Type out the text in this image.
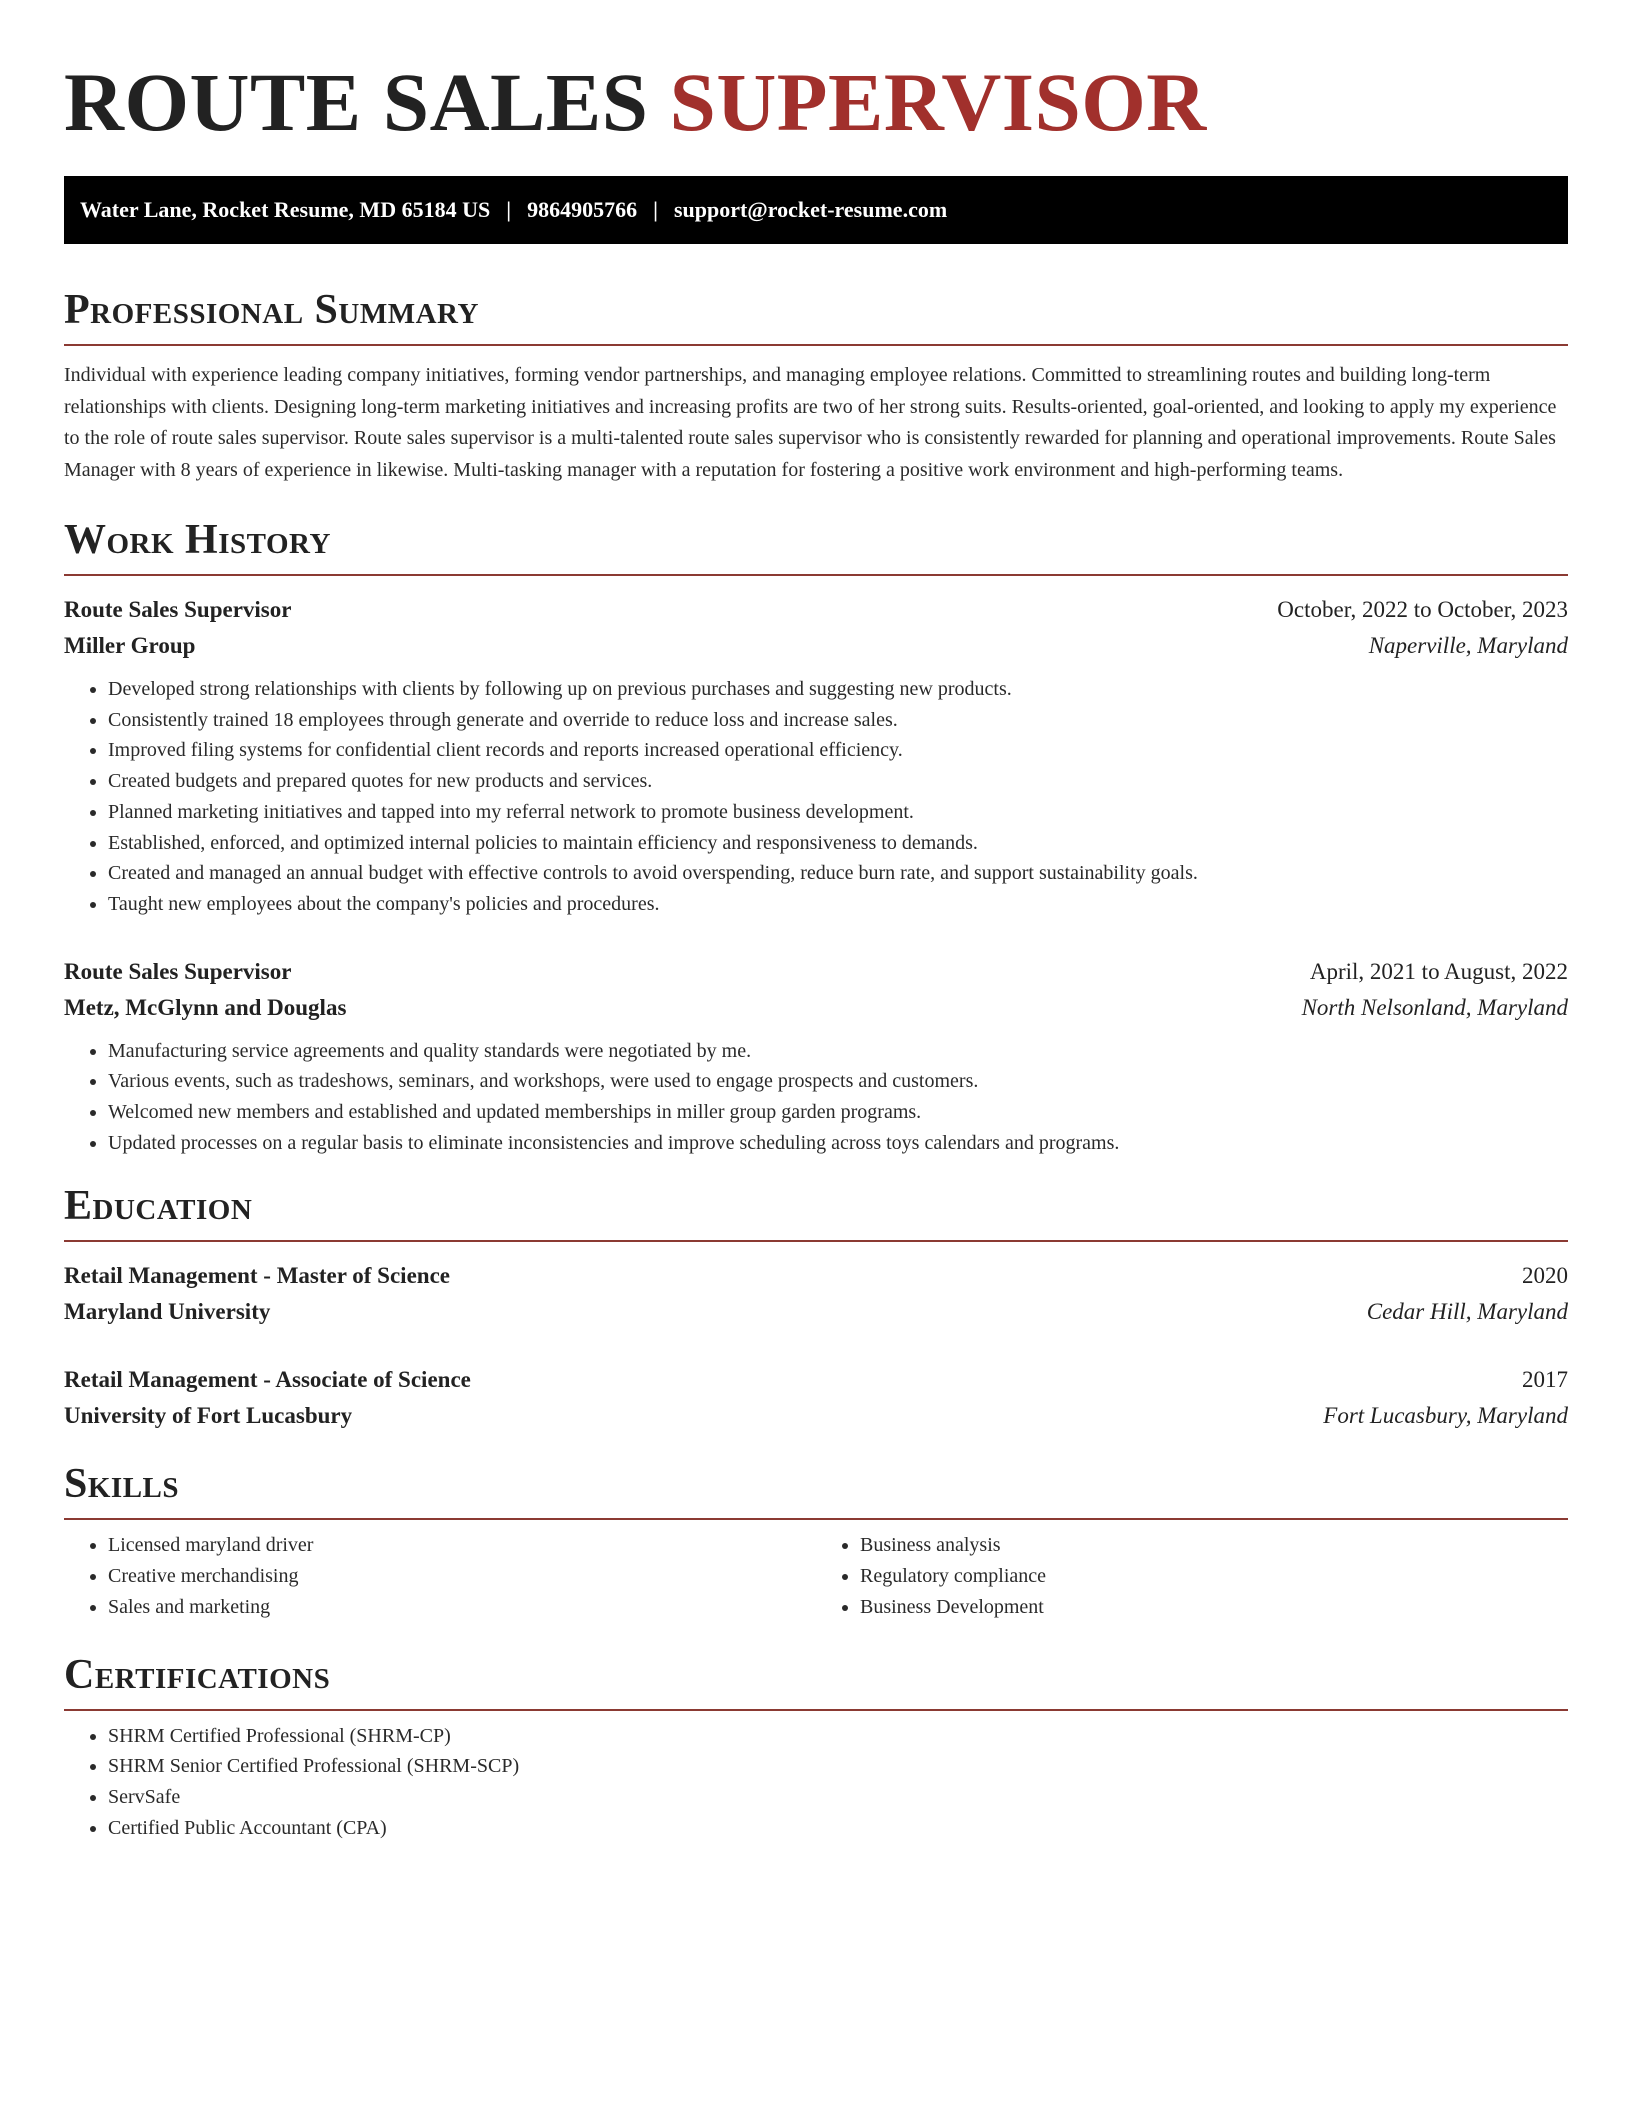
ROUTE SALES SUPERVISOR
Water Lane, Rocket Resume, MD 65184 US | 9864905766 | support@rocket-resume.com
Professional Summary

Individual with experience leading company initiatives, forming vendor partnerships, and managing employee relations. Committed to streamlining routes and building long-term relationships with clients. Designing long-term marketing initiatives and increasing profits are two of her strong suits. Results-oriented, goal-oriented, and looking to apply my experience to the role of route sales supervisor. Route sales supervisor is a multi-talented route sales supervisor who is consistently rewarded for planning and operational improvements. Route Sales Manager with 8 years of experience in likewise. Multi-tasking manager with a reputation for fostering a positive work environment and high-performing teams.

Work History
Route Sales Supervisor	October, 2022 to October, 2023
Miller Group	Naperville, Maryland
• Developed strong relationships with clients by following up on previous purchases and suggesting new products.
• Consistently trained 18 employees through generate and override to reduce loss and increase sales.
• Improved filing systems for confidential client records and reports increased operational efficiency.
• Created budgets and prepared quotes for new products and services.
• Planned marketing initiatives and tapped into my referral network to promote business development.
• Established, enforced, and optimized internal policies to maintain efficiency and responsiveness to demands.
• Created and managed an annual budget with effective controls to avoid overspending, reduce burn rate, and support sustainability goals.
• Taught new employees about the company's policies and procedures.
Route Sales Supervisor	April, 2021 to August, 2022
Metz, McGlynn and Douglas	North Nelsonland, Maryland
• Manufacturing service agreements and quality standards were negotiated by me.
• Various events, such as tradeshows, seminars, and workshops, were used to engage prospects and customers.
• Welcomed new members and established and updated memberships in miller group garden programs.
• Updated processes on a regular basis to eliminate inconsistencies and improve scheduling across toys calendars and programs.
Education
Retail Management - Master of Science	2020
Maryland University	Cedar Hill, Maryland
Retail Management - Associate of Science	2017
University of Fort Lucasbury	Fort Lucasbury, Maryland
Skills
• Licensed maryland driver
• Creative merchandising
• Sales and marketing
• Business analysis
• Regulatory compliance
• Business Development
Certifications
• SHRM Certified Professional (SHRM-CP)
• SHRM Senior Certified Professional (SHRM-SCP)
• ServSafe
• Certified Public Accountant (CPA)
